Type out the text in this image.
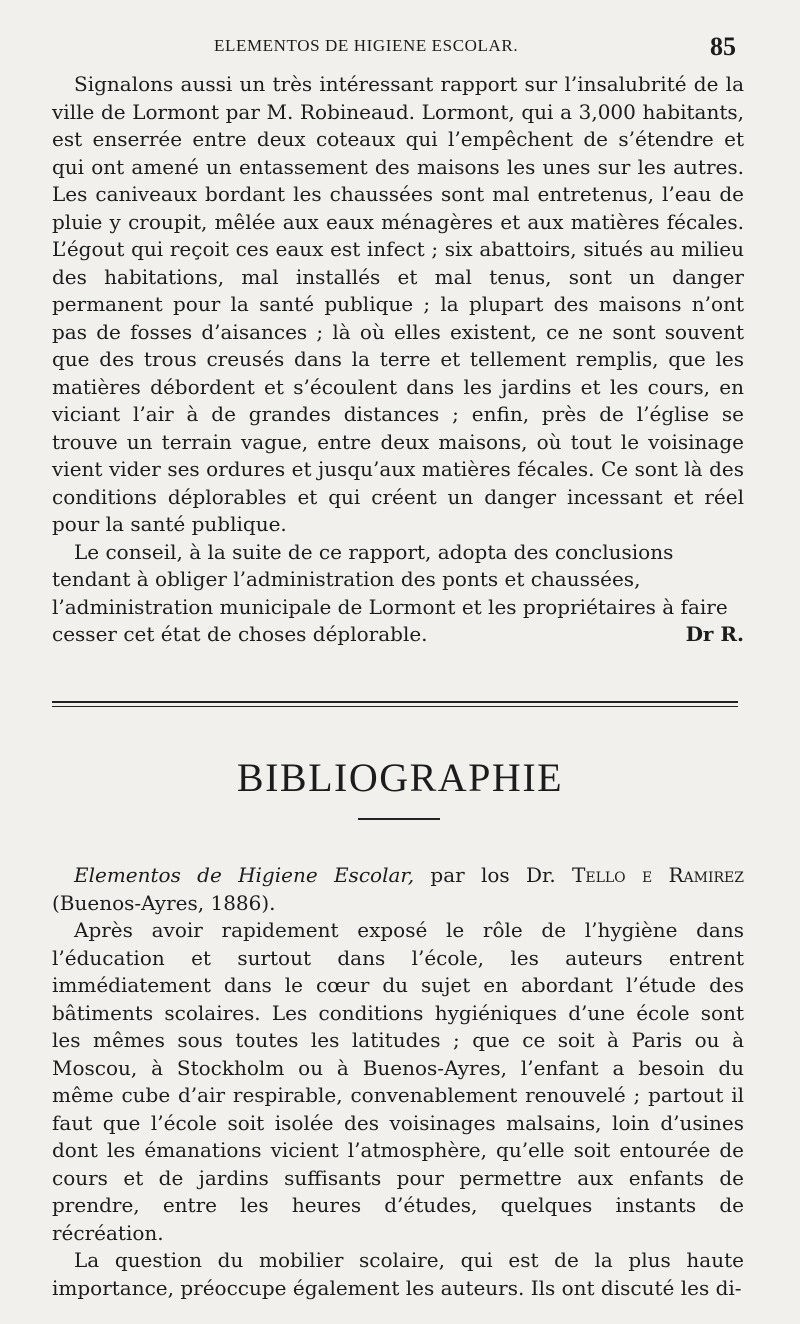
ELEMENTOS DE HIGIENE ESCOLAR.	85

Signalons aussi un très intéressant rapport sur l’insalubrité de la ville de Lormont par M. Robineaud. Lormont, qui a 3,000 habitants, est enserrée entre deux coteaux qui l’empêchent de s’étendre et qui ont amené un entassement des maisons les unes sur les autres. Les caniveaux bordant les chaussées sont mal entretenus, l’eau de pluie y croupit, mêlée aux eaux ménagères et aux matières fécales. L’égout qui reçoit ces eaux est infect ; six abattoirs, situés au milieu des habitations, mal installés et mal tenus, sont un danger permanent pour la santé publique ; la plupart des maisons n’ont pas de fosses d’aisances ; là où elles existent, ce ne sont souvent que des trous creusés dans la terre et tellement remplis, que les matières débordent et s’écoulent dans les jardins et les cours, en viciant l’air à de grandes distances ; enfin, près de l’église se trouve un terrain vague, entre deux maisons, où tout le voisinage vient vider ses ordures et jusqu’aux matières fécales. Ce sont là des conditions déplorables et qui créent un danger incessant et réel pour la santé publique.

Le conseil, à la suite de ce rapport, adopta des conclusions tendant à obliger l’administration des ponts et chaussées, l’administration municipale de Lormont et les propriétaires à faire cesser cet état de choses déplorable.	Dr R.

BIBLIOGRAPHIE

Elementos de Higiene Escolar, par los Dr. Tello e Ramirez (Buenos-Ayres, 1886).

Après avoir rapidement exposé le rôle de l’hygiène dans l’éducation et surtout dans l’école, les auteurs entrent immédiatement dans le cœur du sujet en abordant l’étude des bâtiments scolaires. Les conditions hygiéniques d’une école sont les mêmes sous toutes les latitudes ; que ce soit à Paris ou à Moscou, à Stockholm ou à Buenos-Ayres, l’enfant a besoin du même cube d’air respirable, convenablement renouvelé ; partout il faut que l’école soit isolée des voisinages malsains, loin d’usines dont les émanations vicient l’atmosphère, qu’elle soit entourée de cours et de jardins suffisants pour permettre aux enfants de prendre, entre les heures d’études, quelques instants de récréation.

La question du mobilier scolaire, qui est de la plus haute importance, préoccupe également les auteurs. Ils ont discuté les di-
